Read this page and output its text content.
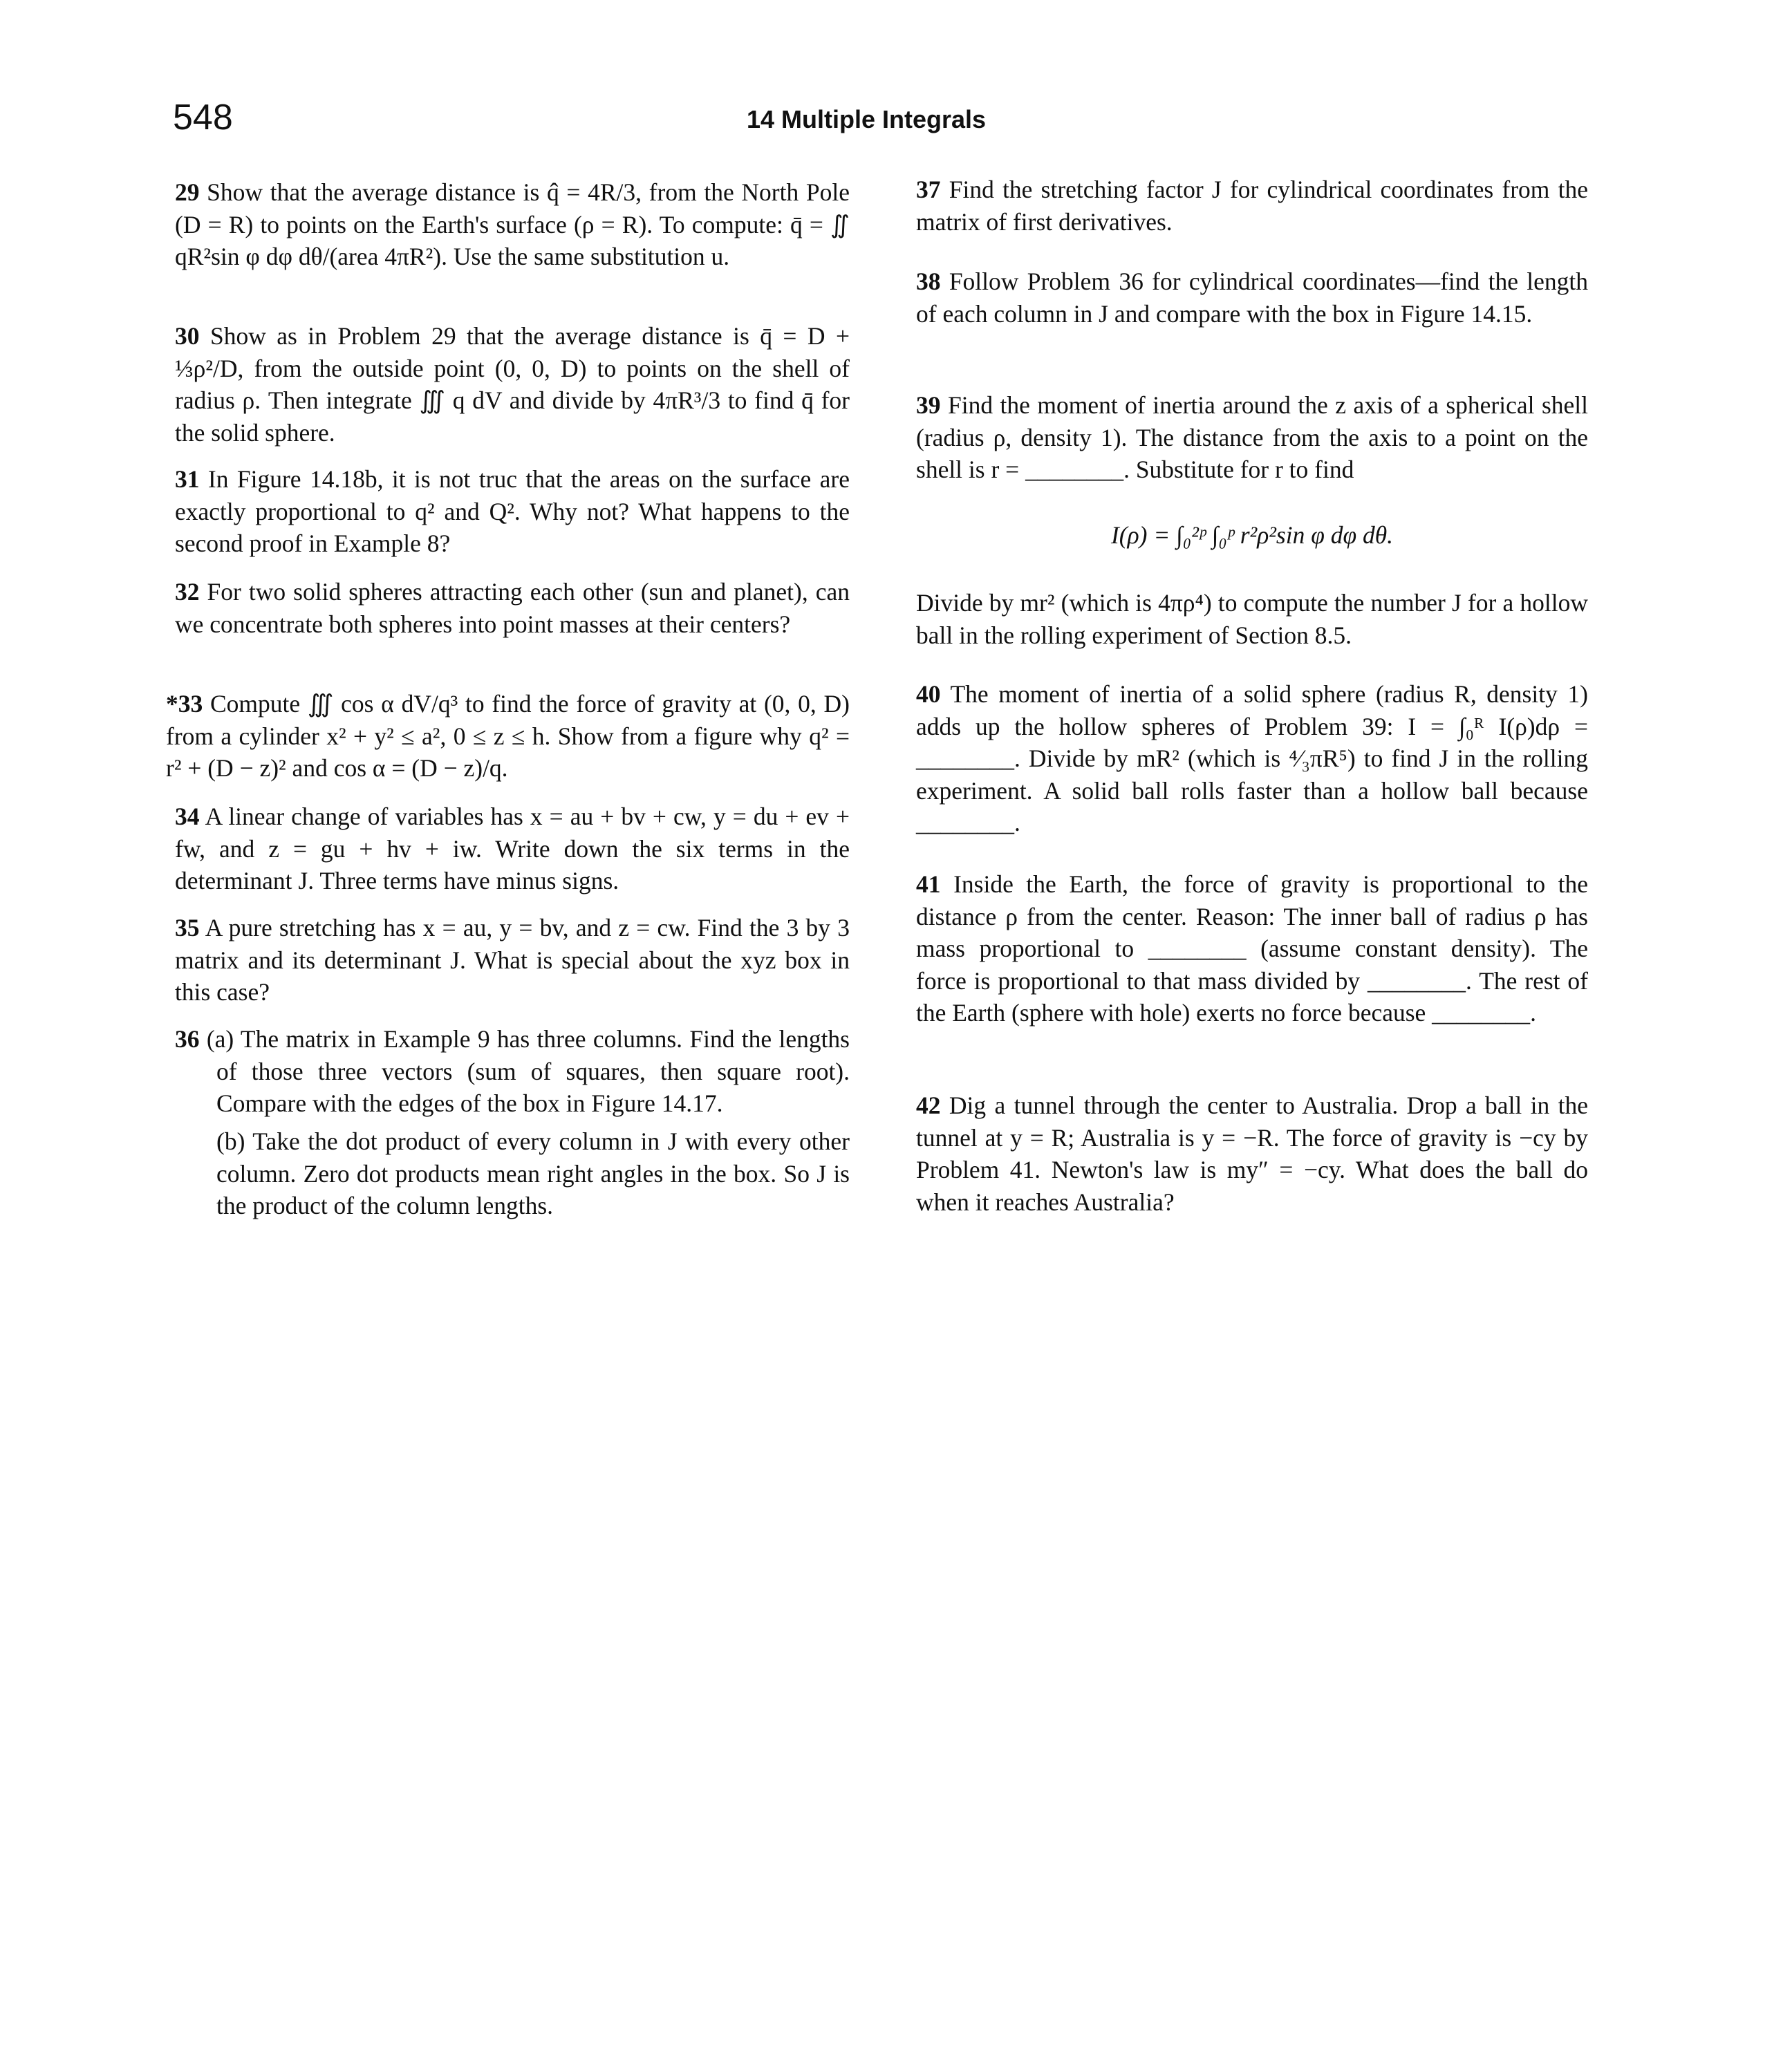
548	14 Multiple Integrals
29 Show that the average distance is q̂ = 4R/3, from the North Pole (D = R) to points on the Earth's surface (ρ = R). To compute: q̄ = ∬ qR²sin φ dφ dθ/(area 4πR²). Use the same substitution u.
30 Show as in Problem 29 that the average distance is q̄ = D + ⅓ρ²/D, from the outside point (0, 0, D) to points on the shell of radius ρ. Then integrate ∭ q dV and divide by 4πR³/3 to find q̄ for the solid sphere.
31 In Figure 14.18b, it is not truc that the areas on the surface are exactly proportional to q² and Q². Why not? What happens to the second proof in Example 8?
32 For two solid spheres attracting each other (sun and planet), can we concentrate both spheres into point masses at their centers?
*33 Compute ∭ cos α dV/q³ to find the force of gravity at (0, 0, D) from a cylinder x² + y² ≤ a², 0 ≤ z ≤ h. Show from a figure why q² = r² + (D − z)² and cos α = (D − z)/q.
34 A linear change of variables has x = au + bv + cw, y = du + ev + fw, and z = gu + hv + iw. Write down the six terms in the determinant J. Three terms have minus signs.
35 A pure stretching has x = au, y = bv, and z = cw. Find the 3 by 3 matrix and its determinant J. What is special about the xyz box in this case?
36 (a) The matrix in Example 9 has three columns. Find the lengths of those three vectors (sum of squares, then square root). Compare with the edges of the box in Figure 14.17.
(b) Take the dot product of every column in J with every other column. Zero dot products mean right angles in the box. So J is the product of the column lengths.
37 Find the stretching factor J for cylindrical coordinates from the matrix of first derivatives.
38 Follow Problem 36 for cylindrical coordinates—find the length of each column in J and compare with the box in Figure 14.15.
39 Find the moment of inertia around the z axis of a spherical shell (radius ρ, density 1). The distance from the axis to a point on the shell is r = ________. Substitute for r to find
I(ρ) = ∫₀²ᵖ ∫₀ᵖ r²ρ²sin φ dφ dθ.
Divide by mr² (which is 4πρ⁴) to compute the number J for a hollow ball in the rolling experiment of Section 8.5.
40 The moment of inertia of a solid sphere (radius R, density 1) adds up the hollow spheres of Problem 39: I = ∫₀ᴿ I(ρ)dρ = ________. Divide by mR² (which is ⁴⁄₃πR⁵) to find J in the rolling experiment. A solid ball rolls faster than a hollow ball because ________.
41 Inside the Earth, the force of gravity is proportional to the distance ρ from the center. Reason: The inner ball of radius ρ has mass proportional to ________ (assume constant density). The force is proportional to that mass divided by ________. The rest of the Earth (sphere with hole) exerts no force because ________.
42 Dig a tunnel through the center to Australia. Drop a ball in the tunnel at y = R; Australia is y = −R. The force of gravity is −cy by Problem 41. Newton's law is my″ = −cy. What does the ball do when it reaches Australia?
